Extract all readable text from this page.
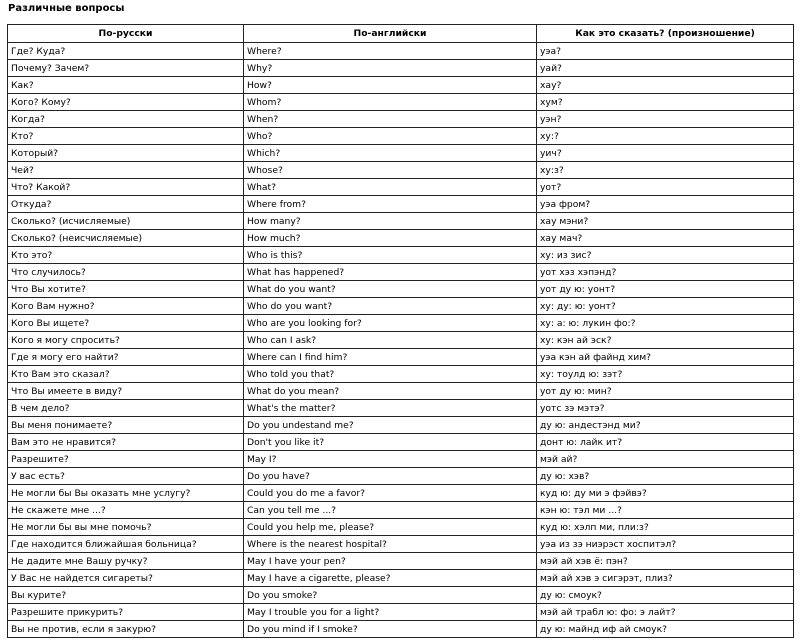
Различные вопросы
По-русски	По-английски	Как это сказать? (произношение)
Где? Куда?	Where?	уэа?
Почему? Зачем?	Why?	уай?
Как?	How?	хау?
Кого? Кому?	Whom?	хум?
Когда?	When?	уэн?
Кто?	Who?	ху:?
Который?	Which?	уич?
Чей?	Whose?	ху:з?
Что? Какой?	What?	уот?
Откуда?	Where from?	уэа фром?
Сколько? (исчисляемые)	How many?	хау мэни?
Сколько? (неисчисляемые)	How much?	хау мач?
Кто это?	Who is this?	ху: из зис?
Что случилось?	What has happened?	уот хэз хэпэнд?
Что Вы хотите?	What do you want?	уот ду ю: уонт?
Кого Вам нужно?	Who do you want?	ху: ду: ю: уонт?
Кого Вы ищете?	Who are you looking for?	ху: а: ю: лукин фо:?
Кого я могу спросить?	Who can I ask?	ху: кэн ай эск?
Где я могу его найти?	Where can I find him?	уэа кэн ай файнд хим?
Кто Вам это сказал?	Who told you that?	ху: тоулд ю: зэт?
Что Вы имеете в виду?	What do you mean?	уот ду ю: мин?
В чем дело?	What's the matter?	уотс зэ мэтэ?
Вы меня понимаете?	Do you undestand me?	ду ю: андестэнд ми?
Вам это не нравится?	Don't you like it?	донт ю: лайк ит?
Разрешите?	May I?	мэй ай?
У вас есть?	Do you have?	ду ю: хэв?
Не могли бы Вы оказать мне услугу?	Could you do me a favor?	куд ю: ду ми э фэйвэ?
Не скажете мне ...?	Can you tell me ...?	кэн ю: тэл ми ...?
Не могли бы вы мне помочь?	Could you help me, please?	куд ю: хэлп ми, пли:з?
Где находится ближайшая больница?	Where is the nearest hospital?	уэа из зэ ниэрэст хоспитэл?
Не дадите мне Вашу ручку?	May I have your pen?	мэй ай хэв ё: пэн?
У Вас не найдется сигареты?	May I have a cigarette, please?	мэй ай хэв э сигэрэт, плиз?
Вы курите?	Do you smoke?	ду ю: смоук?
Разрешите прикурить?	May I trouble you for a light?	мэй ай трабл ю: фо: э лайт?
Вы не против, если я закурю?	Do you mind if I smoke?	ду ю: майнд иф ай смоук?
